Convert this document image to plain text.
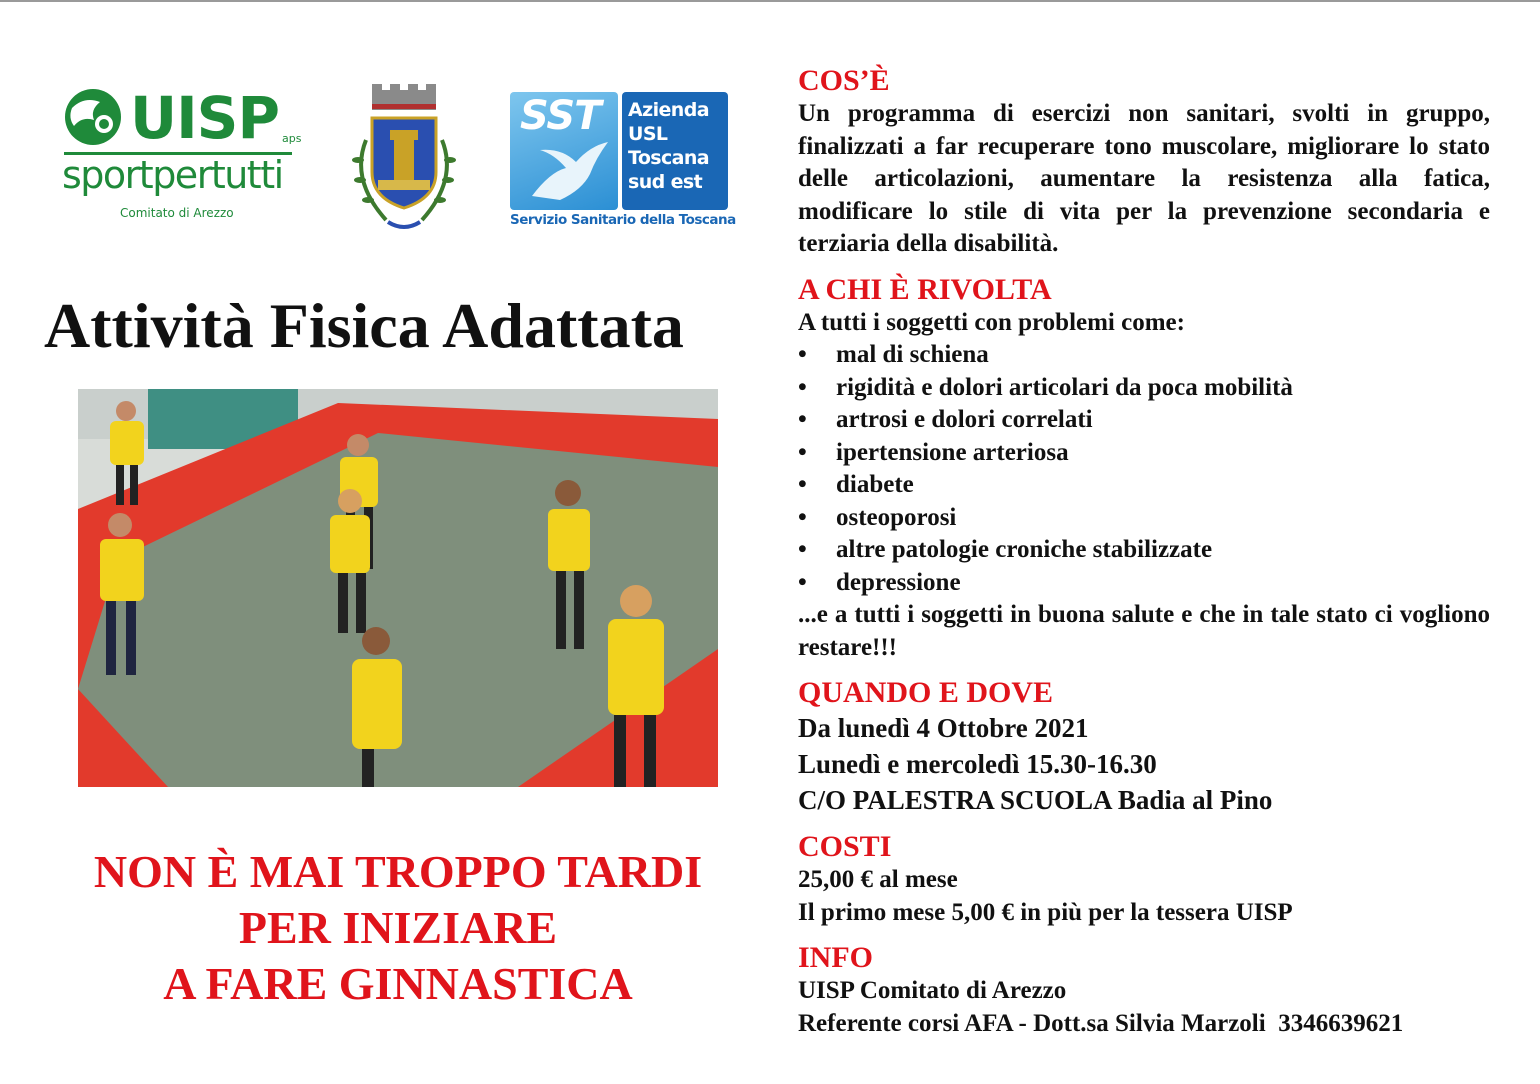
UISP aps
sportpertutti
Comitato di Arezzo
SST Azienda
USL
Toscana
sud est
Servizio Sanitario della Toscana
Attività Fisica Adattata
NON È MAI TROPPO TARDI
PER INIZIARE
A FARE GINNASTICA
COS’È

Un programma di esercizi non sanitari, svolti in gruppo, finalizzati a far recuperare tono muscolare, migliorare lo stato delle articolazioni, aumentare la resistenza alla fatica, modificare lo stile di vita per la prevenzione secondaria e terziaria della disabilità.

A CHI È RIVOLTA

A tutti i soggetti con problemi come:

• mal di schiena
• rigidità e dolori articolari da poca mobilità
• artrosi e dolori correlati
• ipertensione arteriosa
• diabete
• osteoporosi
• altre patologie croniche stabilizzate
• depressione

...e a tutti i soggetti in buona salute e che in tale stato ci vogliono restare!!!

QUANDO E DOVE

Da lunedì 4 Ottobre 2021

Lunedì e mercoledì 15.30-16.30

C/O PALESTRA SCUOLA Badia al Pino

COSTI

25,00 € al mese

Il primo mese 5,00 € in più per la tessera UISP

INFO

UISP Comitato di Arezzo

Referente corsi AFA - Dott.sa Silvia Marzoli  3346639621
